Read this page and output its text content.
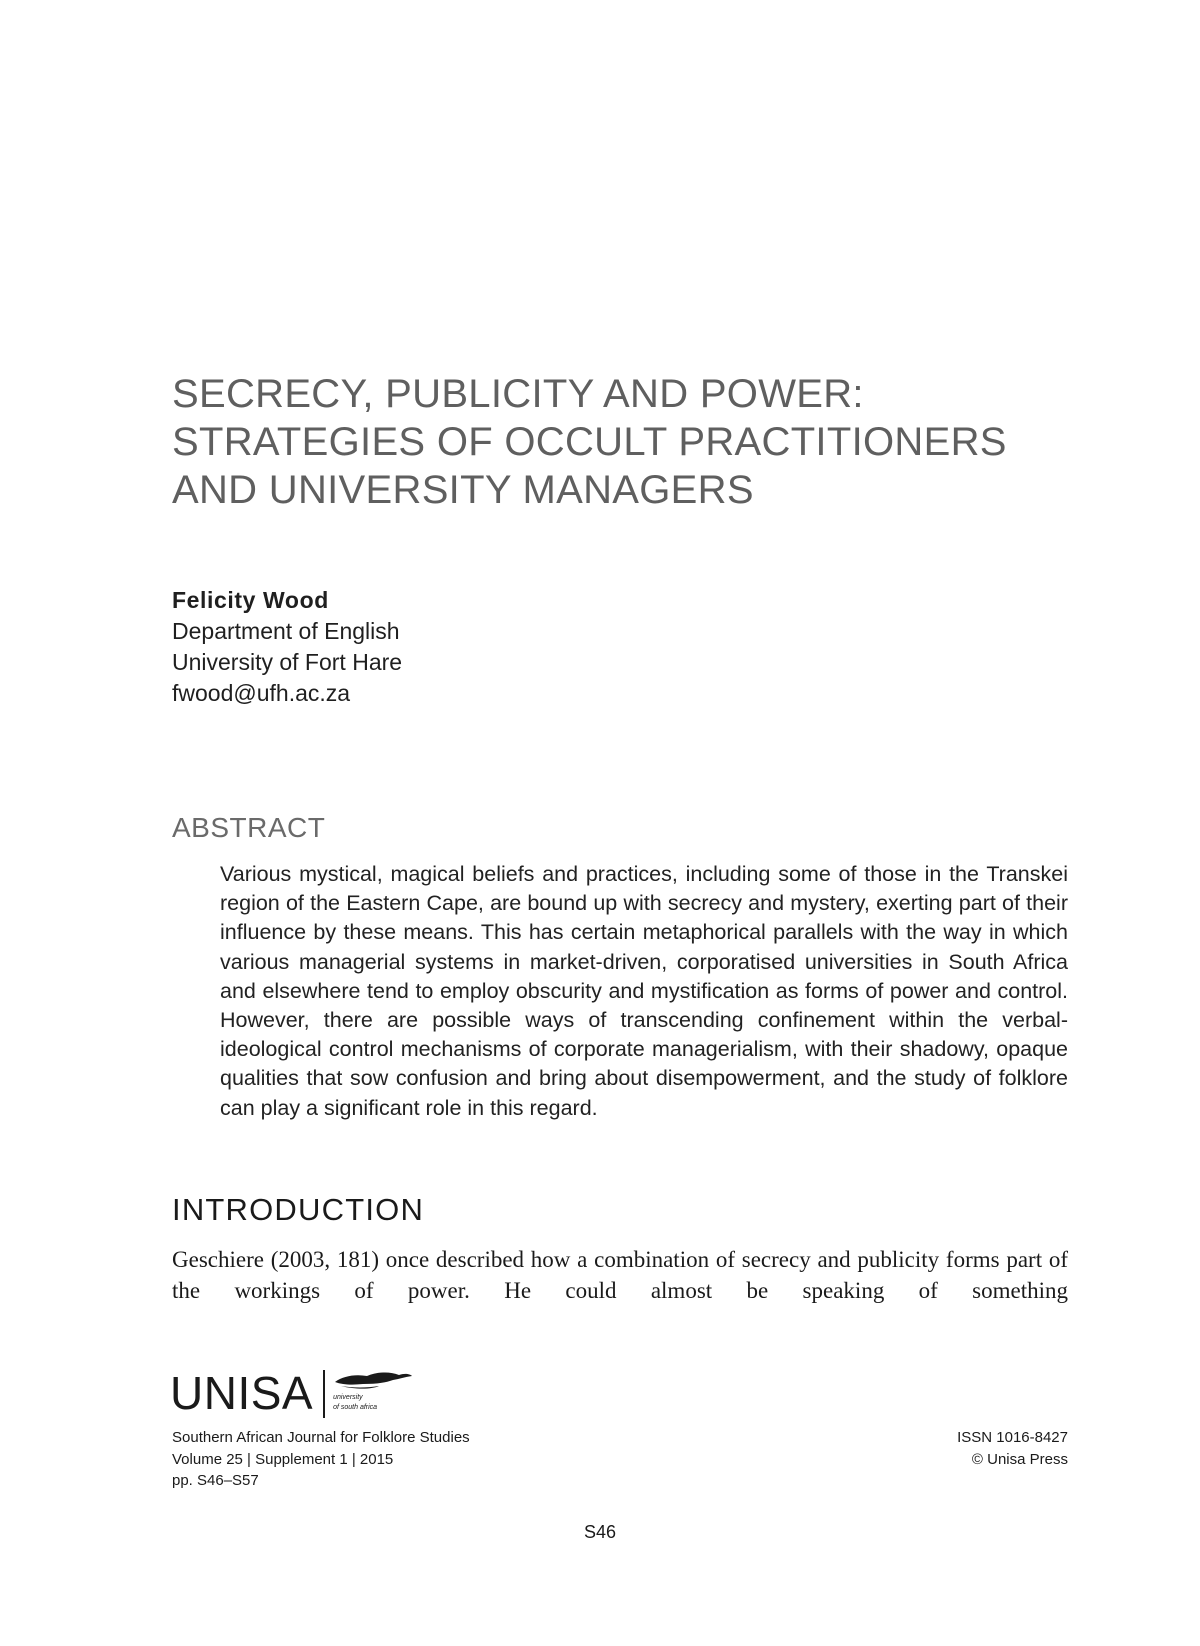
SECRECY, PUBLICITY AND POWER:
STRATEGIES OF OCCULT PRACTITIONERS
AND UNIVERSITY MANAGERS
Felicity Wood
Department of English
University of Fort Hare
fwood@ufh.ac.za
ABSTRACT

Various mystical, magical beliefs and practices, including some of those in the Transkei region of the Eastern Cape, are bound up with secrecy and mystery, exerting part of their influence by these means. This has certain metaphorical parallels with the way in which various managerial systems in market-driven, corporatised universities in South Africa and elsewhere tend to employ obscurity and mystification as forms of power and control. However, there are possible ways of transcending confinement within the verbal-ideological control mechanisms of corporate managerialism, with their shadowy, opaque qualities that sow confusion and bring about disempowerment, and the study of folklore can play a significant role in this regard.

INTRODUCTION

Geschiere (2003, 181) once described how a combination of secrecy and publicity forms part of the workings of power. He could almost be speaking of something

UNISA	university
of south africa
Southern African Journal for Folklore Studies
Volume 25 | Supplement 1 | 2015
pp. S46–S57
ISSN 1016-8427
© Unisa Press
S46
